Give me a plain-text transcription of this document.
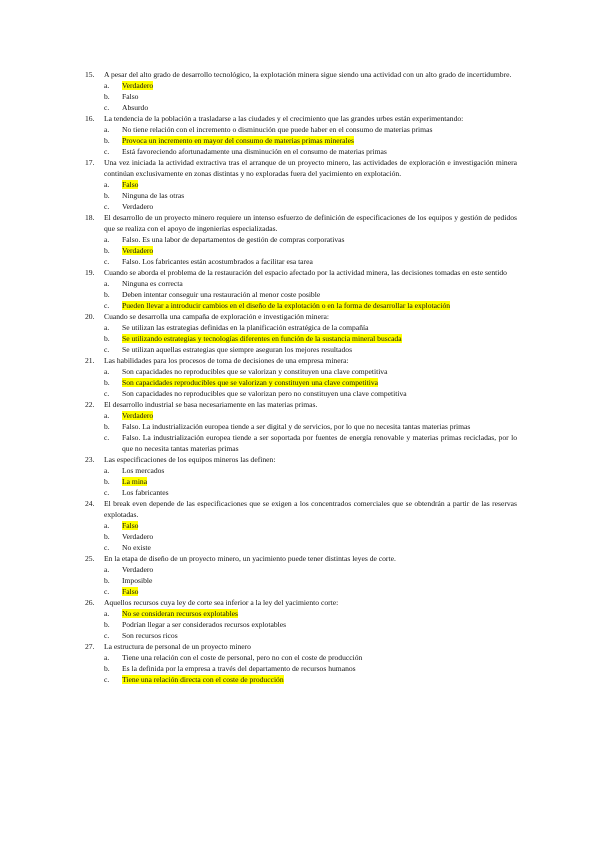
15. A pesar del alto grado de desarrollo tecnológico, la explotación minera sigue siendo una actividad con un alto grado de incertidumbre.
a. Verdadero
b. Falso
c. Absurdo
16. La tendencia de la población a trasladarse a las ciudades y el crecimiento que las grandes urbes están experimentando:
a. No tiene relación con el incremento o disminución que puede haber en el consumo de materias primas
b. Provoca un incremento en mayor del consumo de materias primas minerales
c. Está favoreciendo afortunadamente una disminución en el consumo de materias primas
17. Una vez iniciada la actividad extractiva tras el arranque de un proyecto minero, las actividades de exploración e investigación minera continúan exclusivamente en zonas distintas y no exploradas fuera del yacimiento en explotación.
a. Falso
b. Ninguna de las otras
c. Verdadero
18. El desarrollo de un proyecto minero requiere un intenso esfuerzo de definición de especificaciones de los equipos y gestión de pedidos que se realiza con el apoyo de ingenierías especializadas.
a. Falso. Es una labor de departamentos de gestión de compras corporativas
b. Verdadero
c. Falso. Los fabricantes están acostumbrados a facilitar esa tarea
19. Cuando se aborda el problema de la restauración del espacio afectado por la actividad minera, las decisiones tomadas en este sentido
a. Ninguna es correcta
b. Deben intentar conseguir una restauración al menor coste posible
c. Pueden llevar a introducir cambios en el diseño de la explotación o en la forma de desarrollar la explotación
20. Cuando se desarrolla una campaña de exploración e investigación minera:
a. Se utilizan las estrategias definidas en la planificación estratégica de la compañía
b. Se utilizando estrategias y tecnologías diferentes en función de la sustancia mineral buscada
c. Se utilizan aquellas estrategias que siempre aseguran los mejores resultados
21. Las habilidades para los procesos de toma de decisiones de una empresa minera:
a. Son capacidades no reproducibles que se valorizan y constituyen una clave competitiva
b. Son capacidades reproducibles que se valorizan y constituyen una clave competitiva
c. Son capacidades no reproducibles que se valorizan pero no constituyen una clave competitiva
22. El desarrollo industrial se basa necesariamente en las materias primas.
a. Verdadero
b. Falso. La industrialización europea tiende a ser digital y de servicios, por lo que no necesita tantas materias primas
c. Falso. La industrialización europea tiende a ser soportada por fuentes de energía renovable y materias primas recicladas, por lo que no necesita tantas materias primas
23. Las especificaciones de los equipos mineros las definen:
a. Los mercados
b. La mina
c. Los fabricantes
24. El break even depende de las especificaciones que se exigen a los concentrados comerciales que se obtendrán a partir de las reservas explotadas.
a. Falso
b. Verdadero
c. No existe
25. En la etapa de diseño de un proyecto minero, un yacimiento puede tener distintas leyes de corte.
a. Verdadero
b. Imposible
c. Falso
26. Aquellos recursos cuya ley de corte sea inferior a la ley del yacimiento corte:
a. No se consideran recursos explotables
b. Podrían llegar a ser considerados recursos explotables
c. Son recursos ricos
27. La estructura de personal de un proyecto minero
a. Tiene una relación con el coste de personal, pero no con el coste de producción
b. Es la definida por la empresa a través del departamento de recursos humanos
c. Tiene una relación directa con el coste de producción
